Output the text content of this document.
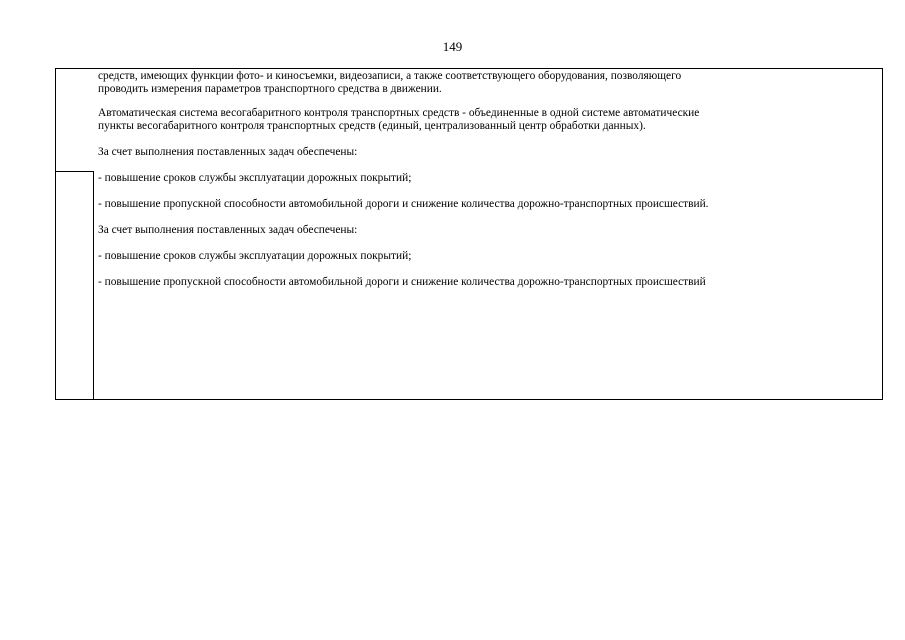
149

средств, имеющих функции фото- и киносъемки, видеозаписи, а также соответствующего оборудования, позволяющего

проводить измерения параметров транспортного средства в движении.

Автоматическая система весогабаритного контроля транспортных средств - объединенные в одной системе автоматические

пункты весогабаритного контроля транспортных средств (единый, централизованный центр обработки данных).

За счет выполнения поставленных задач обеспечены:

- повышение сроков службы эксплуатации дорожных покрытий;

- повышение пропускной способности автомобильной дороги и снижение количества дорожно-транспортных происшествий.

За счет выполнения поставленных задач обеспечены:

- повышение сроков службы эксплуатации дорожных покрытий;

- повышение пропускной способности автомобильной дороги и снижение количества дорожно-транспортных происшествий
